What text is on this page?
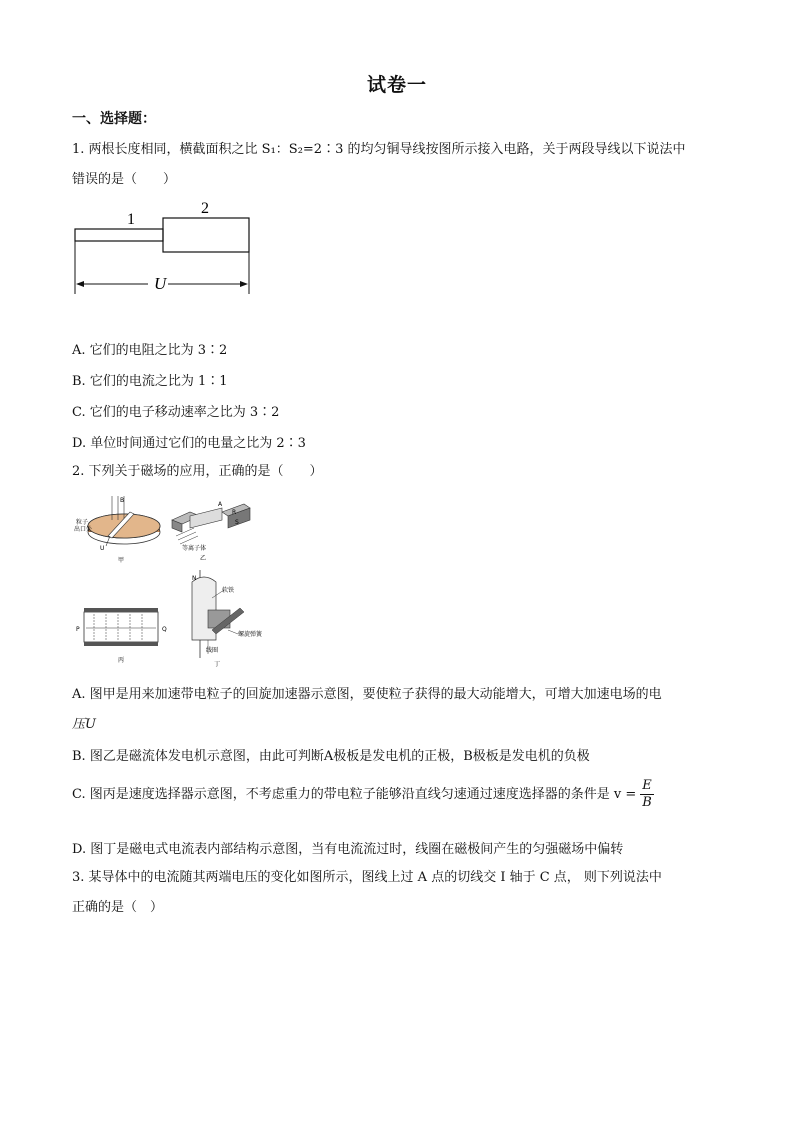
试卷一
一、选择题：
1. 两根长度相同，横截面积之比 S₁：S₂=2∶3 的均匀铜导线按图所示接入电路，关于两段导线以下说法中
错误的是（　　）
1
2
U
A. 它们的电阻之比为 3∶2
B. 它们的电流之比为 1∶1
C. 它们的电子移动速率之比为 3∶2
D. 单位时间通过它们的电量之比为 2∶3
2. 下列关于磁场的应用，正确的是（　　）
B
粒子
出口处
U
甲
R
S
A
等离子体
乙
P	Q
丙
软铁
螺旋弹簧
线圈
丁
N
A. 图甲是用来加速带电粒子的回旋加速器示意图，要使粒子获得的最大动能增大，可增大加速电场的电
压U
B. 图乙是磁流体发电机示意图，由此可判断A极板是发电机的正极，B极板是发电机的负极
C. 图丙是速度选择器示意图，不考虑重力的带电粒子能够沿直线匀速通过速度选择器的条件是 $v = \frac{E}{B}$
D. 图丁是磁电式电流表内部结构示意图，当有电流流过时，线圈在磁极间产生的匀强磁场中偏转
3. 某导体中的电流随其两端电压的变化如图所示，图线上过 A 点的切线交 I 轴于 C 点， 则下列说法中
正确的是（　）
